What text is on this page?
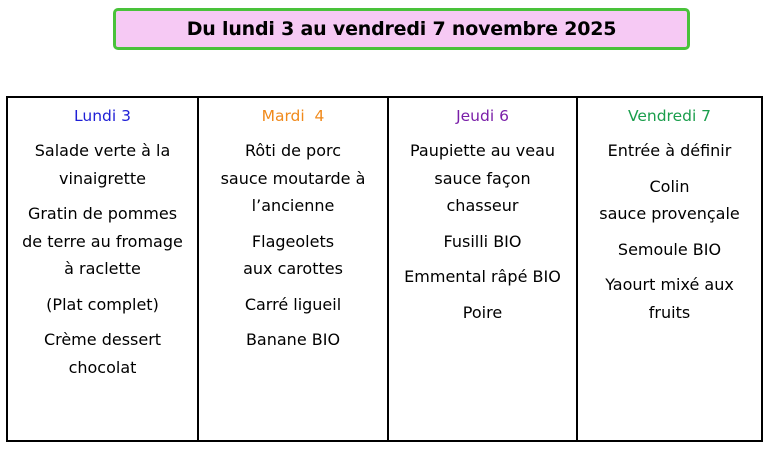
Du lundi 3 au vendredi 7 novembre 2025
Lundi 3
Salade verte à la
vinaigrette
Gratin de pommes
de terre au fromage
à raclette
(Plat complet)
Crème dessert
chocolat
Mardi  4
Rôti de porc
sauce moutarde à
l’ancienne
Flageolets
aux carottes
Carré ligueil
Banane BIO
Jeudi 6
Paupiette au veau
sauce façon
chasseur
Fusilli BIO
Emmental râpé BIO
Poire
Vendredi 7
Entrée à définir
Colin
sauce provençale
Semoule BIO
Yaourt mixé aux
fruits
